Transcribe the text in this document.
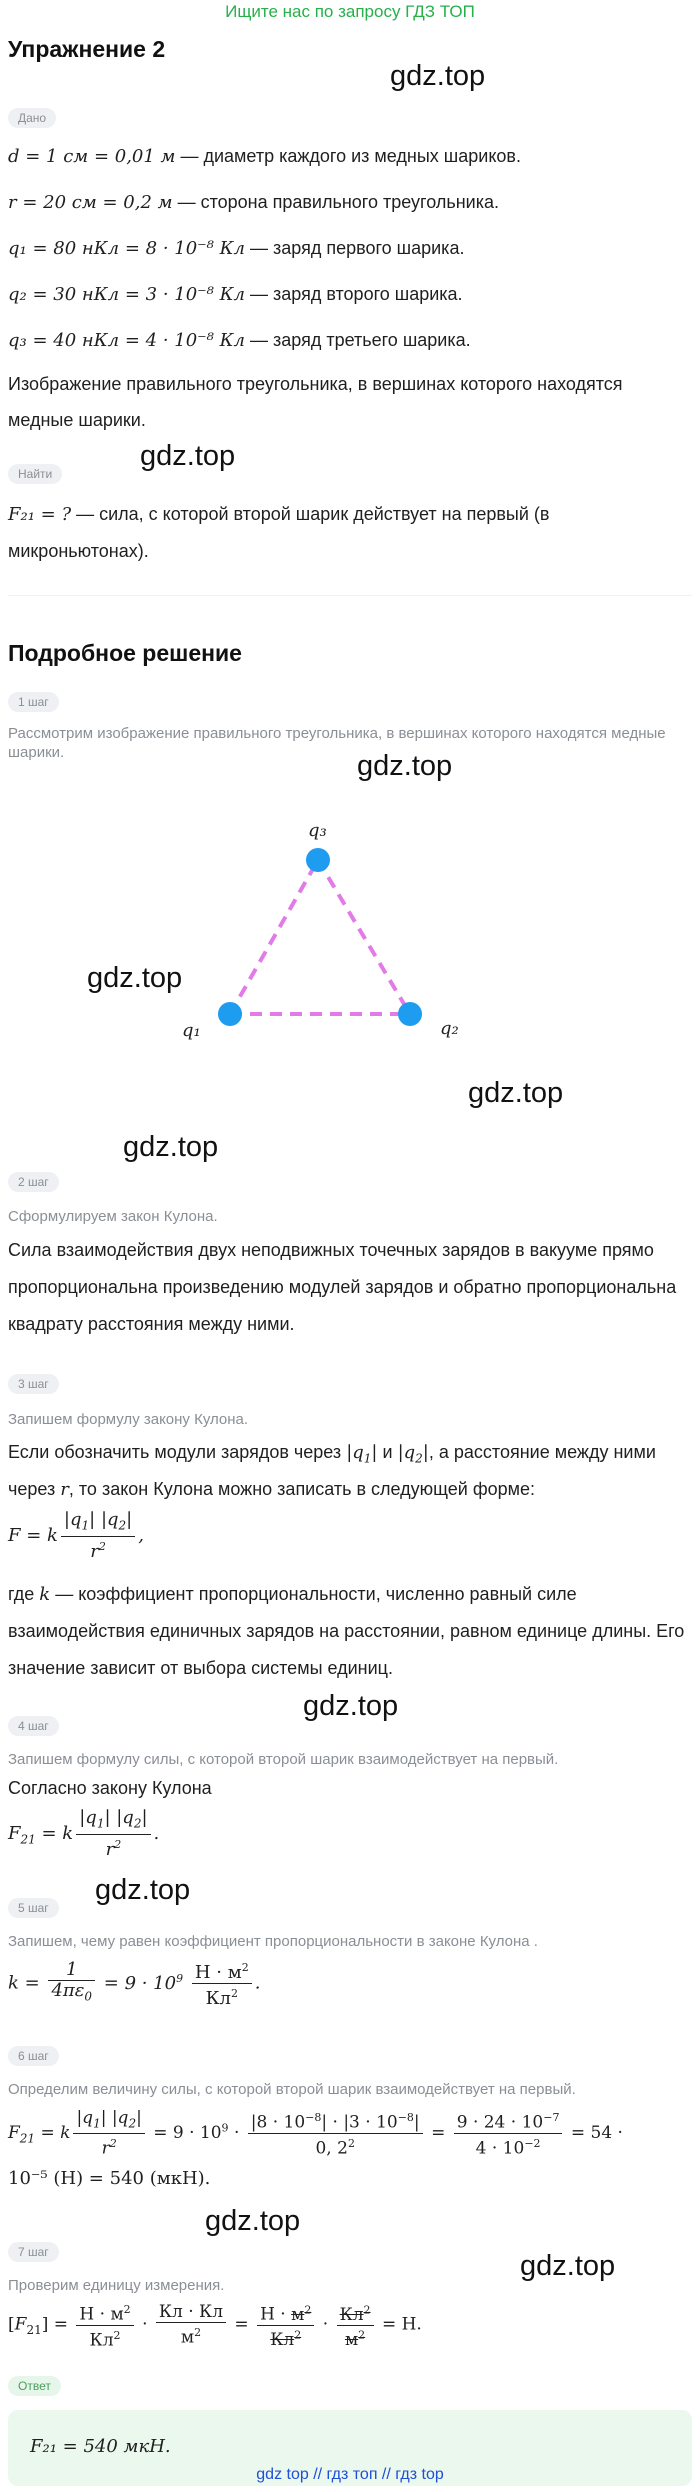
Ищите нас по запросу ГДЗ ТОП
Упражнение 2
gdz.top
gdz.top
gdz.top
gdz.top
gdz.top
gdz.top
gdz.top
gdz.top
gdz.top
gdz.top
Дано
d = 1 см = 0,01 м — диаметр каждого из медных шариков.
r = 20 см = 0,2 м — сторона правильного треугольника.
q₁ = 80 нКл = 8 · 10⁻⁸ Кл — заряд первого шарика.
q₂ = 30 нКл = 3 · 10⁻⁸ Кл — заряд второго шарика.
q₃ = 40 нКл = 4 · 10⁻⁸ Кл — заряд третьего шарика.
Изображение правильного треугольника, в вершинах которого находятся медные шарики.
Найти
F₂₁ = ? — сила, с которой второй шарик действует на первый (в микроньютонах).
Подробное решение
1 шаг
Рассмотрим изображение правильного треугольника, в вершинах которого находятся медные шарики.
q₃
q₁	q₂
2 шаг
Сформулируем закон Кулона.
Сила взаимодействия двух неподвижных точечных зарядов в вакууме прямо пропорциональна произведению модулей зарядов и обратно пропорциональна квадрату расстояния между ними.
3 шаг
Запишем формулу закону Кулона.
Если обозначить модули зарядов через $|q_1|$ и $|q_2|$, а расстояние между ними
через r, то закон Кулона можно записать в следующей форме:
F = k $\frac{|q_1| |q_2|}{r^2}$ ,
где k — коэффициент пропорциональности, численно равный силе взаимодействия единичных зарядов на расстоянии, равном единице длины. Его значение зависит от выбора системы единиц.
4 шаг
Запишем формулу силы, с которой второй шарик взаимодействует на первый.
Согласно закону Кулона
$F_{21} = k \frac{|q_1| |q_2|}{r^2}$ .
5 шаг
Запишем, чему равен коэффициент пропорциональности в законе Кулона .
$k = \frac{1}{4\pi\varepsilon_0} = 9 \cdot 10^9 \frac{Н \cdot м^2}{Кл^2}$ .
6 шаг
Определим величину силы, с которой второй шарик взаимодействует на первый.
$F_{21} = k \frac{|q_1| |q_2|}{r^2} = 9 \cdot 10^9 \cdot \frac{|8 \cdot 10^{-8}| \cdot |3 \cdot 10^{-8}|}{0, 2^2} = \frac{9 \cdot 24 \cdot 10^{-7}}{4 \cdot 10^{-2}} = 54$ ·
10⁻⁵ (Н) = 540 (мкН).
7 шаг
Проверим единицу измерения.
$[F_{21}] = \frac{Н \cdot м^2}{Кл^2} \cdot \frac{Кл \cdot Кл}{м^2} = \frac{Н \cdot м^2}{Кл^2} \cdot \frac{Кл^2}{м^2} = Н$.
Ответ
F₂₁ = 540 мкН.
gdz top // гдз топ // гдз top
